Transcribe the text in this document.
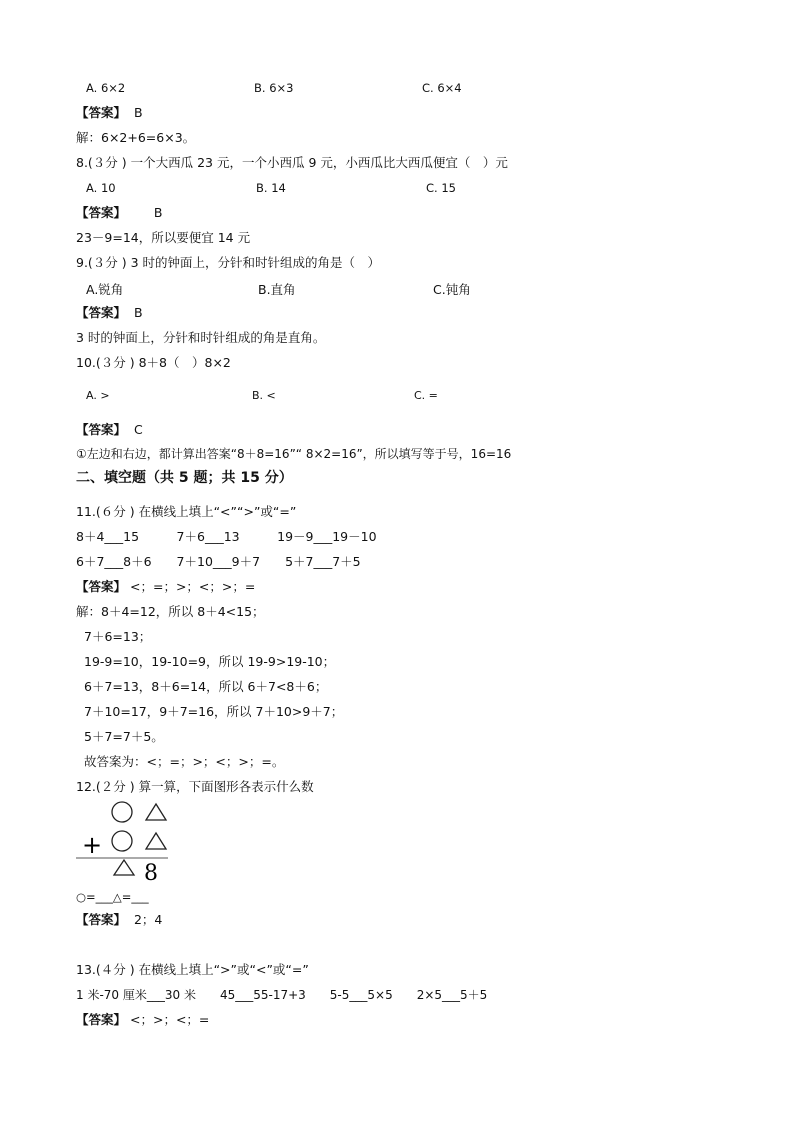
A. 6×2	B. 6×3	C. 6×4
【答案】 B
解：6×2+6=6×3。
8.(３分 ) 一个大西瓜 23 元，一个小西瓜 9 元，小西瓜比大西瓜便宜（　）元
A. 10	B. 14	C. 15
【答案】 B
23－9=14，所以要便宜 14 元
9.(３分 ) 3 时的钟面上，分针和时针组成的角是（　）
A.锐角	B.直角	C.钝角
【答案】 B
3 时的钟面上，分针和时针组成的角是直角。
10.(３分 ) 8＋8（　）8×2
A. >	B. <	C. =
【答案】 C
①左边和右边，都计算出答案“8＋8=16”“ 8×2=16”，所以填写等于号，16=16
二、填空题（共 5 题；共 15 分）
11.(６分 ) 在横线上填上“<”“>”或“=”
8＋4___15　　　7＋6___13　　　19－9___19－10
6＋7___8＋6　　7＋10___9＋7　　5＋7___7＋5
【答案】 <；=；>；<；>；=
解：8＋4=12，所以 8＋4<15；
7＋6=13；
19-9=10，19-10=9，所以 19-9>19-10；
6＋7=13，8＋6=14，所以 6＋7<8＋6；
7＋10=17，9＋7=16，所以 7＋10>9＋7；
5＋7=7＋5。
故答案为：<；=；>；<；>；=。
12.(２分 ) 算一算，下面图形各表示什么数
+
8
○=___△=___
【答案】 2；4
13.(４分 ) 在横线上填上“>”或“<”或“=”
1 米-70 厘米___30 米　　45___55-17+3　　5-5___5×5　　2×5___5＋5
【答案】 <；>；<；=
